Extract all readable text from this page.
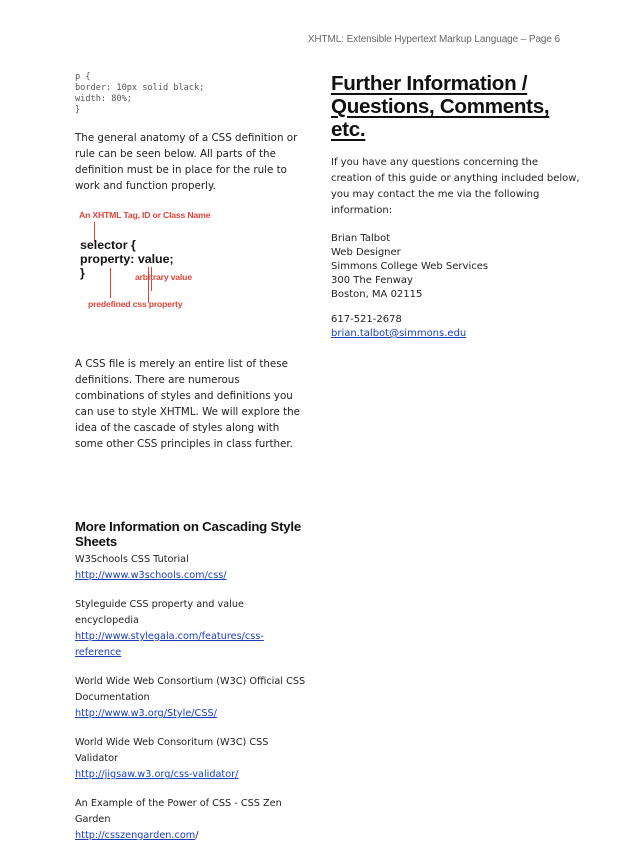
XHTML: Extensible Hypertext Markup Language – Page 6
p {
border: 10px solid black;
width: 80%;
}

The general anatomy of a CSS definition or rule can be seen below. All parts of the definition must be in place for the rule to work and function properly.

An XHTML Tag, ID or Class Name
selector {
property: value;
}	arbitrary value
predefined css property

A CSS file is merely an entire list of these definitions. There are numerous combinations of styles and definitions you can use to style XHTML. We will explore the idea of the cascade of styles along with some other CSS principles in class further.

More Information on Cascading Style Sheets
W3Schools CSS Tutorial
http://www.w3schools.com/css/
Styleguide CSS property and value encyclopedia
http://www.stylegala.com/features/css-reference
World Wide Web Consortium (W3C) Official CSS Documentation
http://www.w3.org/Style/CSS/
World Wide Web Consoritum (W3C) CSS Validator
http://jigsaw.w3.org/css-validator/
An Example of the Power of CSS - CSS Zen Garden
http://csszengarden.com/
Further Information / Questions, Comments, etc.

If you have any questions concerning the creation of this guide or anything included below, you may contact the me via the following information:

Brian Talbot
Web Designer
Simmons College Web Services
300 The Fenway
Boston, MA 02115
617-521-2678
brian.talbot@simmons.edu
